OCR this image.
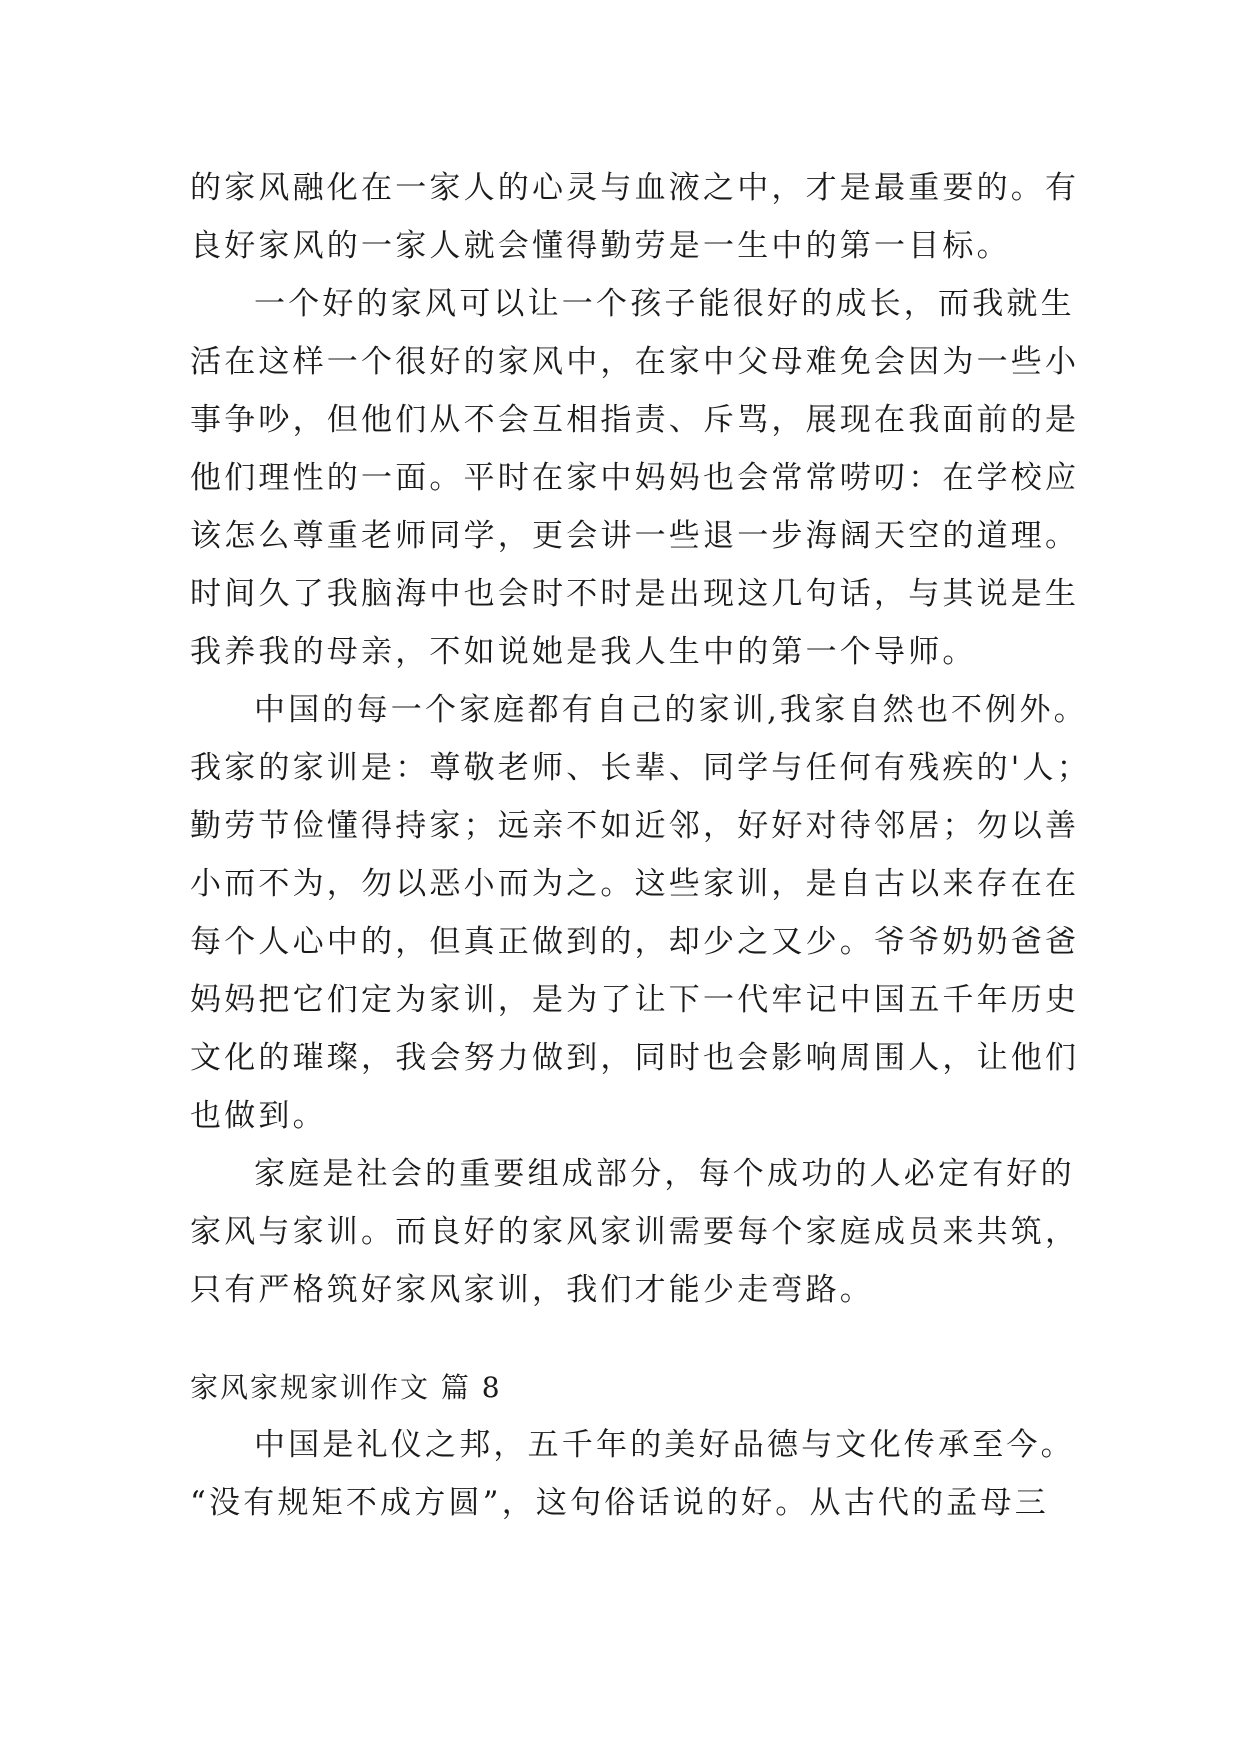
的家风融化在一家人的心灵与血液之中，才是最重要的。有
良好家风的一家人就会懂得勤劳是一生中的第一目标。
一个好的家风可以让一个孩子能很好的成长，而我就生
活在这样一个很好的家风中，在家中父母难免会因为一些小
事争吵，但他们从不会互相指责、斥骂，展现在我面前的是
他们理性的一面。平时在家中妈妈也会常常唠叨：在学校应
该怎么尊重老师同学，更会讲一些退一步海阔天空的道理。
时间久了我脑海中也会时不时是出现这几句话，与其说是生
我养我的母亲，不如说她是我人生中的第一个导师。
中国的每一个家庭都有自己的家训,我家自然也不例外。
我家的家训是：尊敬老师、长辈、同学与任何有残疾的'人；
勤劳节俭懂得持家；远亲不如近邻，好好对待邻居；勿以善
小而不为，勿以恶小而为之。这些家训，是自古以来存在在
每个人心中的，但真正做到的，却少之又少。爷爷奶奶爸爸
妈妈把它们定为家训，是为了让下一代牢记中国五千年历史
文化的璀璨，我会努力做到，同时也会影响周围人，让他们
也做到。
家庭是社会的重要组成部分，每个成功的人必定有好的
家风与家训。而良好的家风家训需要每个家庭成员来共筑，
只有严格筑好家风家训，我们才能少走弯路。
家风家规家训作文 篇 8
中国是礼仪之邦，五千年的美好品德与文化传承至今。
“没有规矩不成方圆”，这句俗话说的好。从古代的孟母三
